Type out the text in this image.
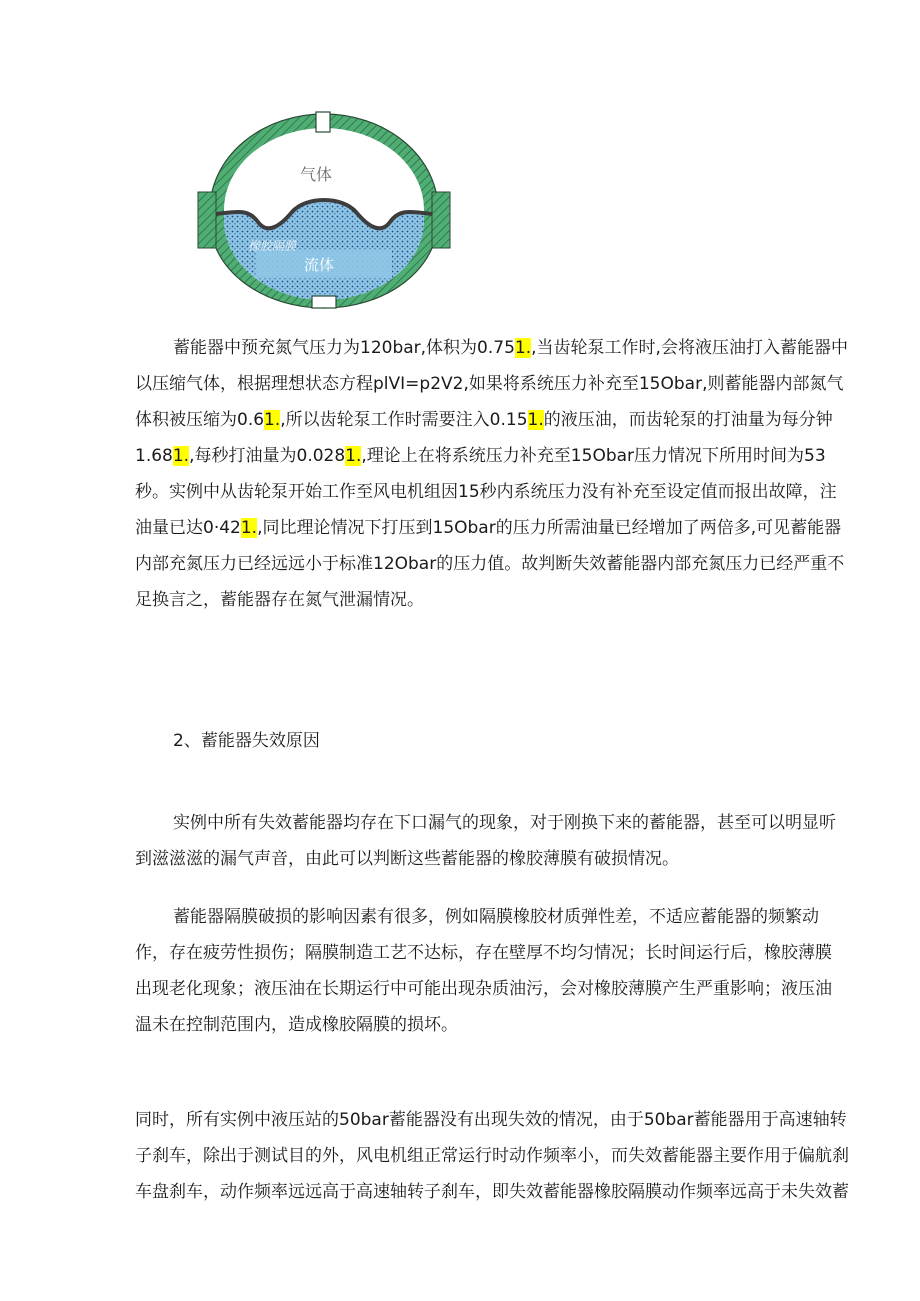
气体
橡胶隔膜
流体
蓄能器中预充氮气压力为120bar,体积为0.751.,当齿轮泵工作时,会将液压油打入蓄能器中
以压缩气体，根据理想状态方程plVI=p2V2,如果将系统压力补充至15Obar,则蓄能器内部氮气
体积被压缩为0.61.,所以齿轮泵工作时需要注入0.151.的液压油，而齿轮泵的打油量为每分钟
1.681.,每秒打油量为0.0281.,理论上在将系统压力补充至15Obar压力情况下所用时间为53
秒。实例中从齿轮泵开始工作至风电机组因15秒内系统压力没有补充至设定值而报出故障，注
油量已达0·421.,同比理论情况下打压到15Obar的压力所需油量已经增加了两倍多,可见蓄能器
内部充氮压力已经远远小于标准12Obar的压力值。故判断失效蓄能器内部充氮压力已经严重不
足换言之，蓄能器存在氮气泄漏情况。

2、蓄能器失效原因

实例中所有失效蓄能器均存在下口漏气的现象，对于刚换下来的蓄能器，甚至可以明显听
到滋滋滋的漏气声音，由此可以判断这些蓄能器的橡胶薄膜有破损情况。
蓄能器隔膜破损的影响因素有很多，例如隔膜橡胶材质弹性差，不适应蓄能器的频繁动
作，存在疲劳性损伤；隔膜制造工艺不达标，存在壁厚不均匀情况；长时间运行后，橡胶薄膜
出现老化现象；液压油在长期运行中可能出现杂质油污，会对橡胶薄膜产生严重影响；液压油
温未在控制范围内，造成橡胶隔膜的损坏。
同时，所有实例中液压站的50bar蓄能器没有出现失效的情况，由于50bar蓄能器用于高速轴转
子刹车，除出于测试目的外，风电机组正常运行时动作频率小，而失效蓄能器主要作用于偏航刹
车盘刹车，动作频率远远高于高速轴转子刹车，即失效蓄能器橡胶隔膜动作频率远高于未失效蓄
